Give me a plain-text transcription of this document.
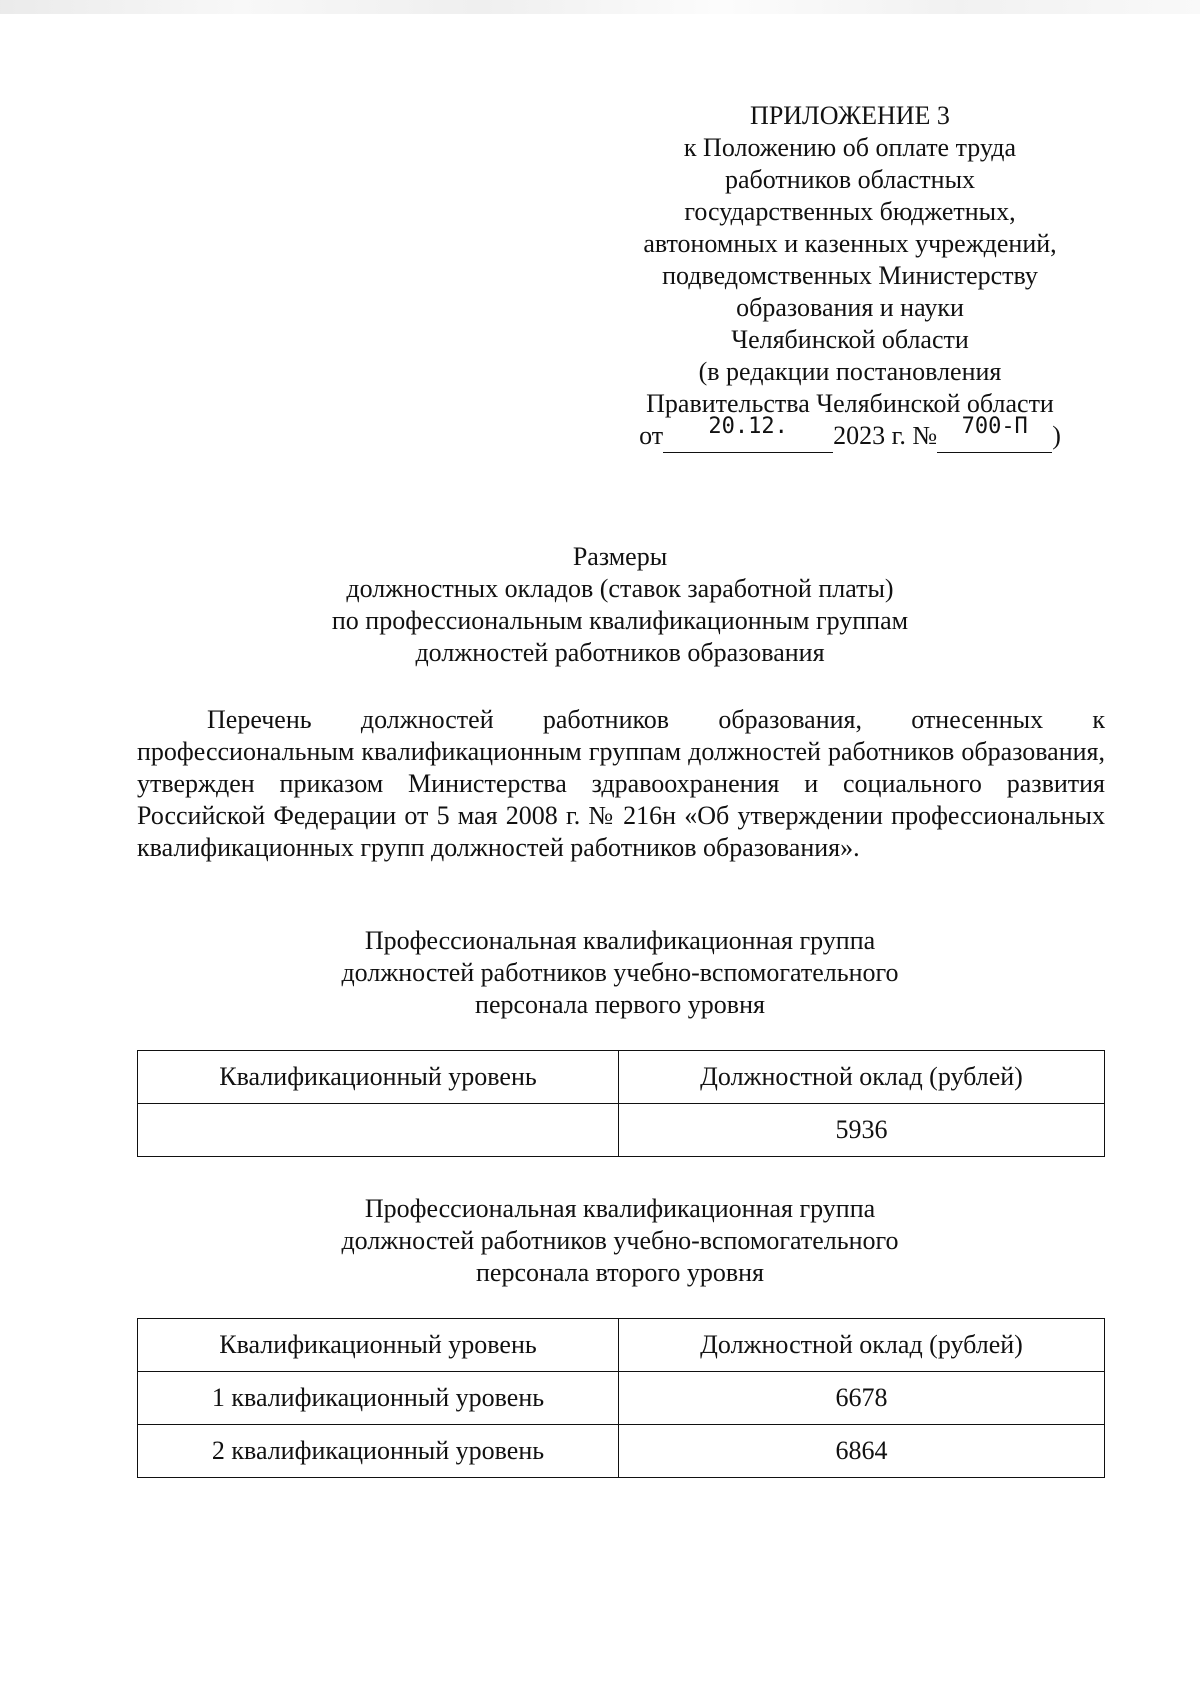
ПРИЛОЖЕНИЕ 3
к Положению об оплате труда
работников областных
государственных бюджетных,
автономных и казенных учреждений,
подведомственных Министерству
образования и науки
Челябинской области
(в редакции постановления
Правительства Челябинской области
от	20.12.	2023 г. №	700-П )
Размеры
должностных окладов (ставок заработной платы)
по профессиональным квалификационным группам
должностей работников образования
Перечень должностей работников образования, отнесенных к профессиональным квалификационным группам должностей работников образования, утвержден приказом Министерства здравоохранения и социального развития Российской Федерации от 5 мая 2008 г. № 216н «Об утверждении профессиональных квалификационных групп должностей работников образования».
Профессиональная квалификационная группа
должностей работников учебно-вспомогательного
персонала первого уровня
Квалификационный уровень	Должностной оклад (рублей)
	5936
Профессиональная квалификационная группа
должностей работников учебно-вспомогательного
персонала второго уровня
Квалификационный уровень	Должностной оклад (рублей)
1 квалификационный уровень	6678
2 квалификационный уровень	6864
